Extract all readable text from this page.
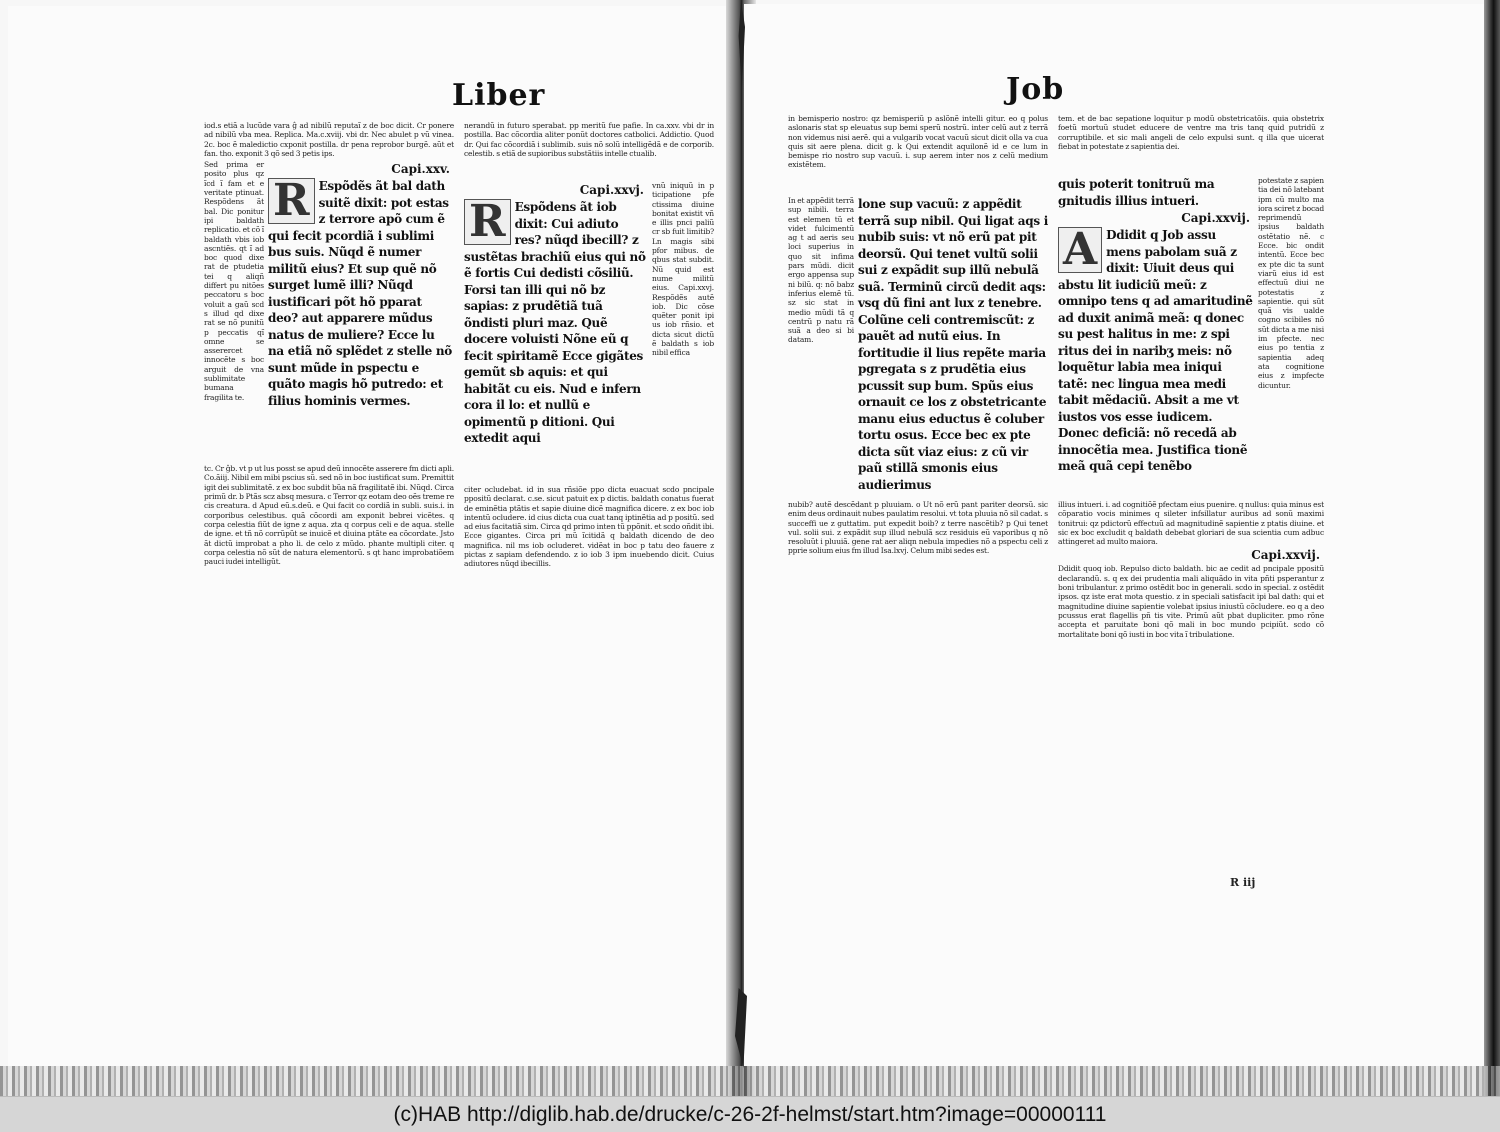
Liber

iod.s etiã a lucũde vara ĝ ad nibilũ reputaĩ z de boc dicit. Cr ponere ad nibilũ vba mea. Replica. Ma.c.xviij. vbi dr. Nec abulet p vũ vinea. 2c. boc ẽ maledictio cxponit postilla. dr pena reprobor burgẽ. aũt et fan. tho. exponit 3 qõ sed 3 petis ips.

Sed prima er posito plus qz ĩcd ĩ fam et e veritate ptinuat. Respõdens ãt bal. Dic ponitur ipi baldath replicatio. et cõ ĩ baldath vbis iob ascntiẽs. qt ĩ ad boc quod dixe rat de ptudetia tei q aliqñ differt pu nitões peccatoru s boc voluit a gaũ scd s illud qd dixe rat se nõ punitũ p peccatis qĩ omne se asserercet innocẽte s boc arguit de vna sublimitate bumana fragilita te.

Capi.xxv.
R Espõdẽs ãt bal dath suitẽ dixit: pot estas z terrore apõ cum ẽ qui fecit pcordiã i sublimi bus suis. Nũqd ẽ numer militũ eius? Et sup quẽ nõ surget lumẽ illi? Nũqd iustificari põt hõ pparat deo? aut apparere mũdus natus de muliere? Ecce lu na etiã nõ splẽdet z stelle nõ sunt mũde in pspectu e quãto magis hõ putredo: et filius hominis vermes.

tc. Cr ĝb. vt p ut lus posst se apud deũ innocẽte asserere fm dicti apli. Co.ãiij. Nibil em mibi pscius sũ. sed nõ in boc iustificat sum. Premittit igit dei sublimitatẽ. z ex boc subdit bũa nã fragilitatẽ ibi. Nũqd. Circa primũ dr. b Ptãs scz absq mesura. c Terror qz eotam deo oẽs treme re cis creatura. d Apud eũ.s.deũ. e Qui facit co cordiã in subli. suis.i. in corporibus celestibus. quã cõcordi am exponit bebrei vicẽtes. q corpa celestia fiũt de igne z aqua. zta q corpus celi e de aqua. stelle de igne. et tñ nõ corrũpũt se inuicẽ et diuina ptãte ea cõcordate. Jsto ãt dictũ improbat a pho li. de celo z mũdo. phante multipli citer. q corpa celestia nõ sũt de natura elementorũ. s qt hanc improbatiõem pauci iudei intelligũt.

nerandũ in futuro sperabat. pp meritũ fue pafie. In ca.xxv. vbi dr in postilla. Bac cõcordia aliter ponũt doctores catbolici. Addictio. Quod dr. Qui fac cõcordiã i sublimib. suis nõ solũ intelligẽdã e de corporib. celestib. s etiã de supioribus substãtiis intelle ctualib.

Capi.xxvj.
R Espõdens ãt iob dixit: Cui adiuto res? nũqd ibecill? z sustẽtas brachiũ eius qui nõ ẽ fortis Cui dedisti cõsiliũ. Forsi tan illi qui nõ bz sapias: z prudẽtiã tuã õndisti pluri maz. Quẽ docere voluisti Nõne eũ q fecit spiritamẽ Ecce gigãtes gemũt sb aquis: et qui habitãt cu eis. Nud e infern cora il lo: et nullũ e opimentũ p ditioni. Qui extedit aqui

vnũ iniquũ in p ticipatione pfe ctissima diuine bonitat existit vñ e illis pnci paliũ cr sb fuit limitib? Ln magis sibi pfor mibus. de qbus stat subdit. Nũ quid est nume militũ eius. Capi.xxvj. Respõdẽs autẽ iob. Dic cõse quẽter ponit ipi us iob rñsio. et dicta sicut dictũ ẽ baldath s iob nibil effica

citer ocludebat. id in sua rñsiõe ppo dicta euacuat scdo pncipale ppositũ declarat. c.se. sicut patuit ex p dictis. baldath conatus fuerat de eminẽtia ptãtis et sapie diuine dicẽ magnifica dicere. z ex boc iob intentũ ocludere. id cius dicta cua cuat tanq iptinẽtia ad p positũ. sed ad eius facitatiã sim. Circa qd primo inten tũ ppõnit. et scdo oñdit ibi. Ecce gigantes. Circa pri mũ ĩcitidã q baldath dicendo de deo magnifica. nil ms iob ocluderet. vidẽat in boc p tatu deo fauere z pictas z sapiam defendendo. z io iob 3 ipm inuebendo dicit. Cuius adiutores nũqd ibecillis.

Job

in bemisperio nostro: qz bemisperiũ p aslõnẽ intelli gitur. eo q polus aslonaris stat sp eleuatus sup bemi sperũ nostrũ. inter celũ aut z terrã non videmus nisi aerẽ. qui a vulgarib vocat vacuũ sicut dicit olla va cua quis sit aere plena. dicit g. k Qui extendit aquilonẽ id e ce lum in bemispe rio nostro sup vacuũ. i. sup aerem inter nos z celũ medium existẽtem.

In et appẽdit terrã sup nibili. terra est elemen tũ et videt fulcimentũ ag t ad aeris seu loci superius in quo sit infima pars mũdi. dicit ergo appensa sup ni bilũ. q: nõ babz inferius elemẽ tũ. sz sic stat in medio mũdi tã q centrũ p natu rã suã a deo si bi datam.

lone sup vacuũ: z appẽdit terrã sup nibil. Qui ligat aqs i nubib suis: vt nõ erũ pat pit deorsũ. Qui tenet vultũ solii sui z expãdit sup illũ nebulã suã. Terminũ circũ dedit aqs: vsq dũ fini ant lux z tenebre. Colũne celi contremiscũt: z pauẽt ad nutũ eius. In fortitudie il lius repẽte maria pgregata s z prudẽtia eius pcussit sup bum. Spũs eius ornauit ce los z obstetricante manu eius eductus ẽ coluber tortu osus. Ecce bec ex pte dicta sũt viaz eius: z cũ vir paũ stillã smonis eius audierimus

nubib? autẽ descẽdant p pluuiam. o Ut nõ erũ pant pariter deorsũ. sic enim deus ordinauit nubes paulatim resolui. vt tota pluuia nõ sil cadat. s succeffi ue z guttatim. put expedit boib? z terre nascẽtib? p Qui tenet vul. solii sui. z expãdit sup illud nebulã scz residuis eũ vaporibus q nõ resoluũt i pluuiã. gene rat aer aliqn nebula impedies nõ a pspectu celi z pprie solium eius fm illud Isa.lxvj. Celum mibi sedes est.

tem. et de bac sepatione loquitur p modũ obstetricatõis. quia obstetrix foetũ mortuũ studet educere de ventre ma tris tanq quid putridũ z corruptibile. et sic mali angeli de celo expulsi sunt. q illa que uicerat fiebat in potestate z sapientia dei.

quis poterit tonitruũ ma gnitudis illius intueri.

Capi.xxvij.
A Ddidit q Job assu mens pabolam suã z dixit: Uiuit deus qui abstu lit iudiciũ meũ: z omnipo tens q ad amaritudinẽ ad duxit animã meã: q donec su pest halitus in me: z spi ritus dei in naribʒ meis: nõ loquẽtur labia mea iniqui tatẽ: nec lingua mea medi tabit mẽdaciũ. Absit a me vt iustos vos esse iudicem. Donec deficiã: nõ recedã ab innocẽtia mea. Justifica tionẽ meã quã cepi tenẽbo

potestate z sapien tia dei nõ latebant ipm cũ multo ma iora sciret z bocad reprimendũ ipsius baldath ostẽtatio nẽ. c Ecce. bic ondit intentũ. Ecce bec ex pte dic ta sunt viarũ eius id est effectuũ diui ne potestatis z sapientie. qui sũt quã vis ualde cogno scibiles nõ sũt dicta a me nisi im pfecte. nec eius po tentia z sapientia adeq ata cognitione eius z impfecte dicuntur.

illius intueri. i. ad cognitiõẽ pfectam eius puenire. q nullus: quia minus est cõparatio vocis minimes q sileter infsillatur auribus ad sonũ maximi tonitrui: qz pdictorũ effectuũ ad magnitudinẽ sapientie z ptatis diuine. et sic ex boc excludit q baldath debebat gloriari de sua scientia cum adbuc attingeret ad multo maiora.

Capi.xxvij.

Ddidit quoq iob. Repulso dicto baldath. bic ae cedit ad pncipale ppositũ declarandũ. s. q ex dei prudentia mali aliquãdo in vita pñti psperantur z boni tribulantur. z primo ostẽdit boc in generali. scdo in special. z ostẽdit ipsos. qz iste erat mota questio. z in speciali satisfacit ipi bal dath: qui et magnitudine diuine sapientie volebat ipsius iniustũ cõcludere. eo q a deo pcussus erat flagellis pñ tis vite. Primũ aũt pbat dupliciter. pmo rõne accepta et paruitate boni qõ mali in boc mundo pcipiũt. scdo cõ mortalitate boni qõ iusti in boc vita ĩ tribulatione.

R iij
(c)HAB http://diglib.hab.de/drucke/c-26-2f-helmst/start.htm?image=00000111
